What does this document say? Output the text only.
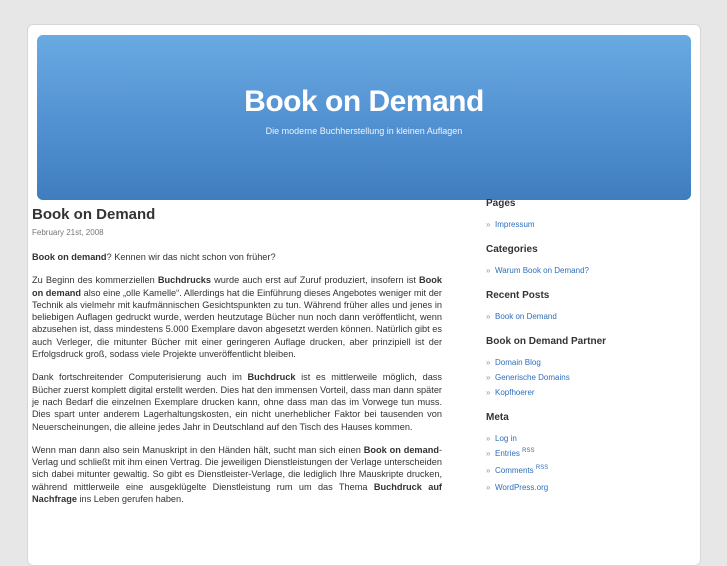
Book on Demand
Die moderne Buchherstellung in kleinen Auflagen
Book on Demand
February 21st, 2008

Book on demand? Kennen wir das nicht schon von früher?

Zu Beginn des kommerziellen Buchdrucks wurde auch erst auf Zuruf produziert, insofern ist Book on demand also eine „olle Kamelle“. Allerdings hat die Einführung dieses Angebotes weniger mit der Technik als vielmehr mit kaufmännischen Gesichtspunkten zu tun. Während früher alles und jenes in beliebigen Auflagen gedruckt wurde, werden heutzutage Bücher nun noch dann veröffentlicht, wenn abzusehen ist, dass mindestens 5.000 Exemplare davon abgesetzt werden können. Natürlich gibt es auch Verleger, die mitunter Bücher mit einer geringeren Auflage drucken, aber prinzipiell ist der Erfolgsdruck groß, sodass viele Projekte unveröffentlicht bleiben.

Dank fortschreitender Computerisierung auch im Buchdruck ist es mittlerweile möglich, dass Bücher zuerst komplett digital erstellt werden. Dies hat den immensen Vorteil, dass man dann später je nach Bedarf die einzelnen Exemplare drucken kann, ohne dass man das im Vorwege tun muss. Dies spart unter anderem Lagerhaltungskosten, ein nicht unerheblicher Faktor bei tausenden von Neuerscheinungen, die alleine jedes Jahr in Deutschland auf den Tisch des Hauses kommen.

Wenn man dann also sein Manuskript in den Händen hält, sucht man sich einen Book on demand-Verlag und schließt mit ihm einen Vertrag. Die jeweiligen Dienstleistungen der Verlage unterscheiden sich dabei mitunter gewaltig. So gibt es Dienstleister-Verlage, die lediglich Ihre Mauskripte drucken, während mittlerweile eine ausgeklügelte Dienstleistung rum um das Thema Buchdruck auf Nachfrage ins Leben gerufen haben.

Pages
» Impressum
Categories
» Warum Book on Demand?
Recent Posts
» Book on Demand
Book on Demand Partner
» Domain Blog
» Generische Domains
» Kopfhoerer
Meta
» Log in
» Entries $^{RSS}$
» Comments $^{RSS}$
» WordPress.org
